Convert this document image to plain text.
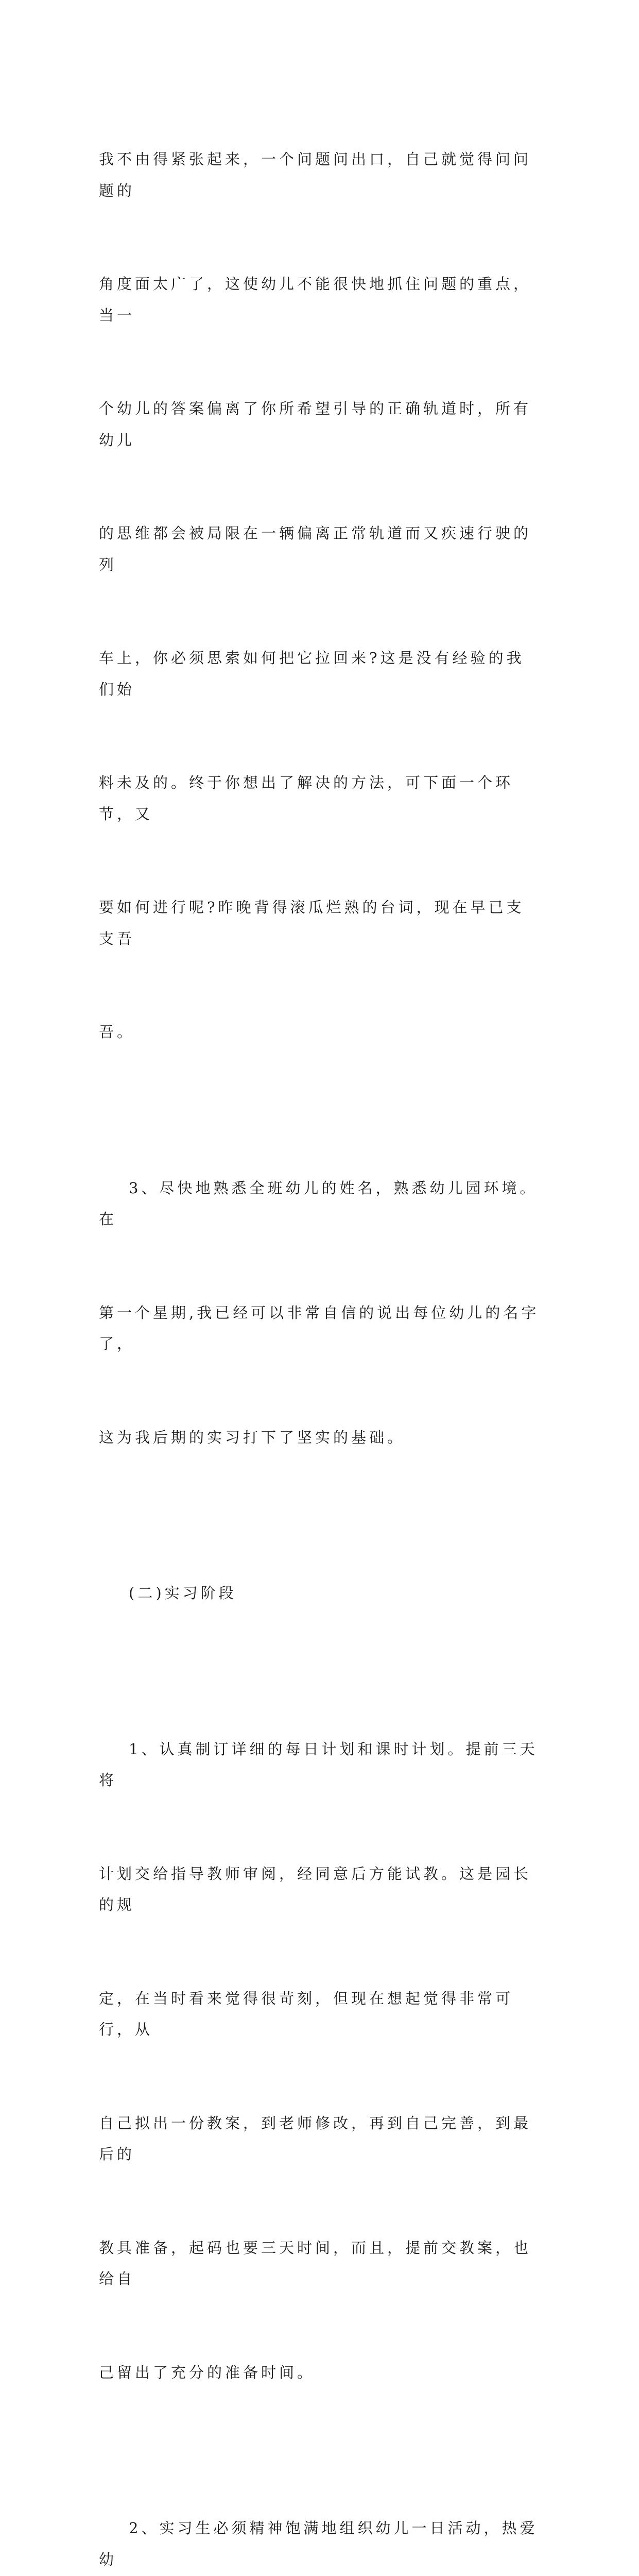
我不由得紧张起来，一个问题问出口，自己就觉得问问题的

角度面太广了，这使幼儿不能很快地抓住问题的重点，当一

个幼儿的答案偏离了你所希望引导的正确轨道时，所有幼儿

的思维都会被局限在一辆偏离正常轨道而又疾速行驶的列

车上，你必须思索如何把它拉回来?这是没有经验的我们始

料未及的。终于你想出了解决的方法，可下面一个环节，又

要如何进行呢?昨晚背得滚瓜烂熟的台词，现在早已支支吾

吾。

3、尽快地熟悉全班幼儿的姓名，熟悉幼儿园环境。在

第一个星期,我已经可以非常自信的说出每位幼儿的名字了，

这为我后期的实习打下了坚实的基础。

(二)实习阶段

1、认真制订详细的每日计划和课时计划。提前三天将

计划交给指导教师审阅，经同意后方能试教。这是园长的规

定，在当时看来觉得很苛刻，但现在想起觉得非常可行，从

自己拟出一份教案，到老师修改，再到自己完善，到最后的

教具准备，起码也要三天时间，而且，提前交教案，也给自

己留出了充分的准备时间。

2、实习生必须精神饱满地组织幼儿一日活动，热爱幼
